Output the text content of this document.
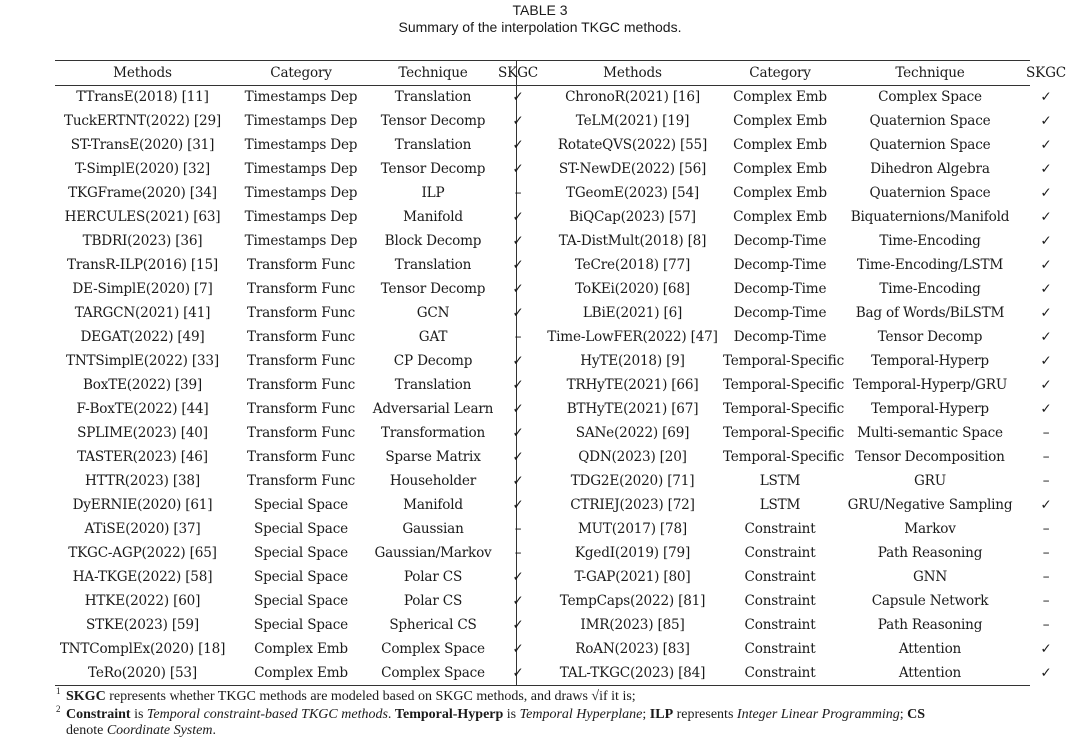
TABLE 3
Summary of the interpolation TKGC methods.
Methods	Category	Technique	SKGC	Methods	Category	Technique	SKGC
TTransE(2018) [11]	Timestamps Dep	Translation	✓	ChronoR(2021) [16]	Complex Emb	Complex Space	✓
TuckERTNT(2022) [29]	Timestamps Dep	Tensor Decomp	✓	TeLM(2021) [19]	Complex Emb	Quaternion Space	✓
ST-TransE(2020) [31]	Timestamps Dep	Translation	✓	RotateQVS(2022) [55]	Complex Emb	Quaternion Space	✓
T-SimplE(2020) [32]	Timestamps Dep	Tensor Decomp	✓	ST-NewDE(2022) [56]	Complex Emb	Dihedron Algebra	✓
TKGFrame(2020) [34]	Timestamps Dep	ILP	–	TGeomE(2023) [54]	Complex Emb	Quaternion Space	✓
HERCULES(2021) [63]	Timestamps Dep	Manifold	✓	BiQCap(2023) [57]	Complex Emb	Biquaternions/Manifold	✓
TBDRI(2023) [36]	Timestamps Dep	Block Decomp	✓	TA-DistMult(2018) [8]	Decomp-Time	Time-Encoding	✓
TransR-ILP(2016) [15]	Transform Func	Translation	✓	TeCre(2018) [77]	Decomp-Time	Time-Encoding/LSTM	✓
DE-SimplE(2020) [7]	Transform Func	Tensor Decomp	✓	ToKEi(2020) [68]	Decomp-Time	Time-Encoding	✓
TARGCN(2021) [41]	Transform Func	GCN	✓	LBiE(2021) [6]	Decomp-Time	Bag of Words/BiLSTM	✓
DEGAT(2022) [49]	Transform Func	GAT	–	Time-LowFER(2022) [47]	Decomp-Time	Tensor Decomp	✓
TNTSimplE(2022) [33]	Transform Func	CP Decomp	✓	HyTE(2018) [9]	Temporal-Specific	Temporal-Hyperp	✓
BoxTE(2022) [39]	Transform Func	Translation	✓	TRHyTE(2021) [66]	Temporal-Specific	Temporal-Hyperp/GRU	✓
F-BoxTE(2022) [44]	Transform Func	Adversarial Learn	✓	BTHyTE(2021) [67]	Temporal-Specific	Temporal-Hyperp	✓
SPLIME(2023) [40]	Transform Func	Transformation	✓	SANe(2022) [69]	Temporal-Specific	Multi-semantic Space	–
TASTER(2023) [46]	Transform Func	Sparse Matrix	✓	QDN(2023) [20]	Temporal-Specific	Tensor Decomposition	–
HTTR(2023) [38]	Transform Func	Householder	✓	TDG2E(2020) [71]	LSTM	GRU	–
DyERNIE(2020) [61]	Special Space	Manifold	✓	CTRIEJ(2023) [72]	LSTM	GRU/Negative Sampling	✓
ATiSE(2020) [37]	Special Space	Gaussian	–	MUT(2017) [78]	Constraint	Markov	–
TKGC-AGP(2022) [65]	Special Space	Gaussian/Markov	–	KgedI(2019) [79]	Constraint	Path Reasoning	–
HA-TKGE(2022) [58]	Special Space	Polar CS	✓	T-GAP(2021) [80]	Constraint	GNN	–
HTKE(2022) [60]	Special Space	Polar CS	✓	TempCaps(2022) [81]	Constraint	Capsule Network	–
STKE(2023) [59]	Special Space	Spherical CS	✓	IMR(2023) [85]	Constraint	Path Reasoning	–
TNTComplEx(2020) [18]	Complex Emb	Complex Space	✓	RoAN(2023) [83]	Constraint	Attention	✓
TeRo(2020) [53]	Complex Emb	Complex Space	✓	TAL-TKGC(2023) [84]	Constraint	Attention	✓
1 SKGC represents whether TKGC methods are modeled based on SKGC methods, and draws √if it is;
2 Constraint is Temporal constraint-based TKGC methods. Temporal-Hyperp is Temporal Hyperplane; ILP represents Integer Linear Programming; CS
denote Coordinate System.
